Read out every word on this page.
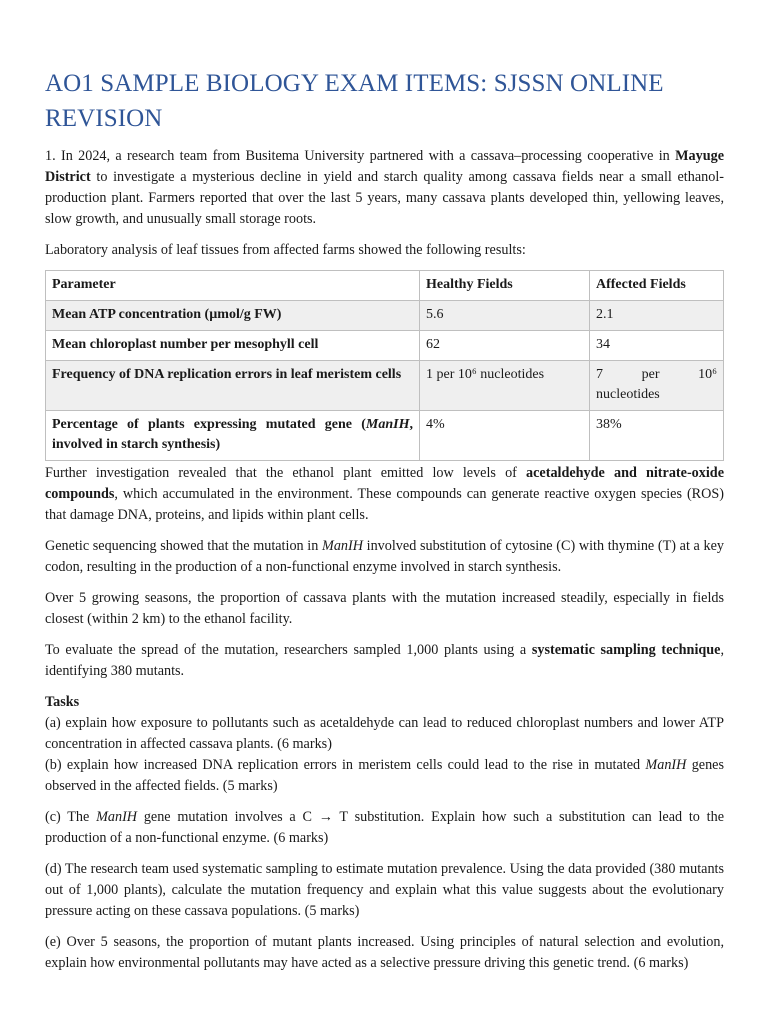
AO1 SAMPLE BIOLOGY EXAM ITEMS: SJSSN ONLINE REVISION

1. In 2024, a research team from Busitema University partnered with a cassava–processing cooperative in Mayuge District to investigate a mysterious decline in yield and starch quality among cassava fields near a small ethanol-production plant. Farmers reported that over the last 5 years, many cassava plants developed thin, yellowing leaves, slow growth, and unusually small storage roots.

Laboratory analysis of leaf tissues from affected farms showed the following results:

Parameter	Healthy Fields	Affected Fields
Mean ATP concentration (µmol/g FW)	5.6	2.1
Mean chloroplast number per mesophyll cell	62	34
Frequency of DNA replication errors in leaf meristem cells	1 per 10⁶ nucleotides	7 per 10⁶
nucleotides

Percentage of plants expressing mutated gene (ManIH, involved in starch synthesis)	4%	38%

Further investigation revealed that the ethanol plant emitted low levels of acetaldehyde and nitrate-oxide compounds, which accumulated in the environment. These compounds can generate reactive oxygen species (ROS) that damage DNA, proteins, and lipids within plant cells.

Genetic sequencing showed that the mutation in ManIH involved substitution of cytosine (C) with thymine (T) at a key codon, resulting in the production of a non-functional enzyme involved in starch synthesis.

Over 5 growing seasons, the proportion of cassava plants with the mutation increased steadily, especially in fields closest (within 2 km) to the ethanol facility.

To evaluate the spread of the mutation, researchers sampled 1,000 plants using a systematic sampling technique, identifying 380 mutants.

Tasks

(a) explain how exposure to pollutants such as acetaldehyde can lead to reduced chloroplast numbers and lower ATP concentration in affected cassava plants. (6 marks)

(b) explain how increased DNA replication errors in meristem cells could lead to the rise in mutated ManIH genes observed in the affected fields. (5 marks)

(c) The ManIH gene mutation involves a C → T substitution. Explain how such a substitution can lead to the production of a non-functional enzyme. (6 marks)

(d) The research team used systematic sampling to estimate mutation prevalence. Using the data provided (380 mutants out of 1,000 plants), calculate the mutation frequency and explain what this value suggests about the evolutionary pressure acting on these cassava populations. (5 marks)

(e) Over 5 seasons, the proportion of mutant plants increased. Using principles of natural selection and evolution, explain how environmental pollutants may have acted as a selective pressure driving this genetic trend. (6 marks)
